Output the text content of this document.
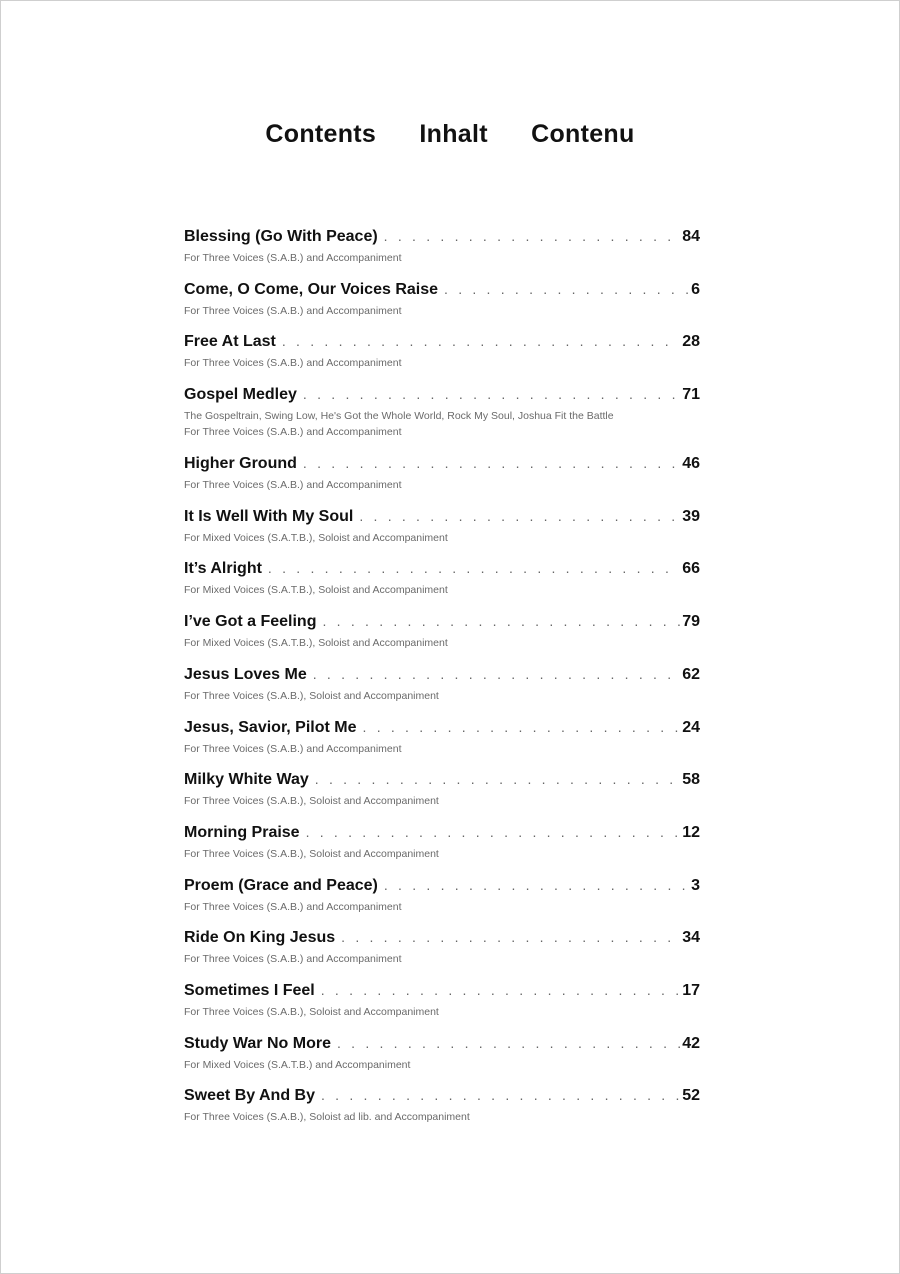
Contents Inhalt Contenu
Blessing (Go With Peace) . . .	84
For Three Voices (S.A.B.) and Accompaniment
Come, O Come, Our Voices Raise . . .	6
For Three Voices (S.A.B.) and Accompaniment
Free At Last . . .	28
For Three Voices (S.A.B.) and Accompaniment
Gospel Medley . . .	71
The Gospeltrain, Swing Low, He's Got the Whole World, Rock My Soul, Joshua Fit the Battle
For Three Voices (S.A.B.) and Accompaniment
Higher Ground . . .	46
For Three Voices (S.A.B.) and Accompaniment
It Is Well With My Soul . . .	39
For Mixed Voices (S.A.T.B.), Soloist and Accompaniment
It’s Alright . . .	66
For Mixed Voices (S.A.T.B.), Soloist and Accompaniment
I’ve Got a Feeling . . .	79
For Mixed Voices (S.A.T.B.), Soloist and Accompaniment
Jesus Loves Me . . .	62
For Three Voices (S.A.B.), Soloist and Accompaniment
Jesus, Savior, Pilot Me . . .	24
For Three Voices (S.A.B.) and Accompaniment
Milky White Way . . .	58
For Three Voices (S.A.B.), Soloist and Accompaniment
Morning Praise . . .	12
For Three Voices (S.A.B.), Soloist and Accompaniment
Proem (Grace and Peace) . . .	3
For Three Voices (S.A.B.) and Accompaniment
Ride On King Jesus . . .	34
For Three Voices (S.A.B.) and Accompaniment
Sometimes I Feel . . .	17
For Three Voices (S.A.B.), Soloist and Accompaniment
Study War No More . . .	42
For Mixed Voices (S.A.T.B.) and Accompaniment
Sweet By And By . . .	52
For Three Voices (S.A.B.), Soloist ad lib. and Accompaniment
